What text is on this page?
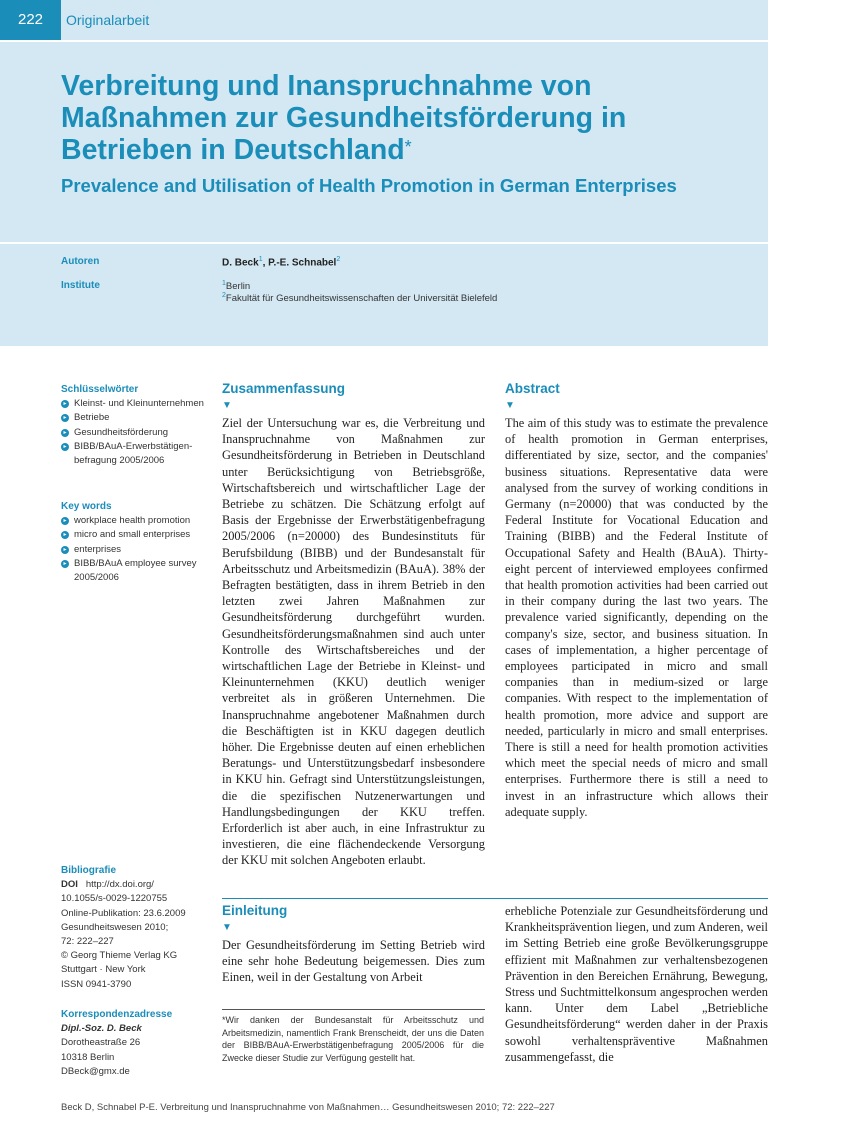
222	Originalarbeit
Verbreitung und Inanspruchnahme von Maßnahmen zur Gesundheitsförderung in Betrieben in Deutschland*
Prevalence and Utilisation of Health Promotion in German Enterprises
Autoren	D. Beck$^1$, P.-E. Schnabel$^2$
Institute	$^1$Berlin
$^2$Fakultät für Gesundheitswissenschaften der Universität Bielefeld
Schlüsselwörter
▸ Kleinst- und Kleinunternehmen
▸ Betriebe
▸ Gesundheitsförderung
▸ BIBB/BAuA-Erwerbstätigen-befragung 2005/2006
Key words
▸ workplace health promotion
▸ micro and small enterprises
▸ enterprises
▸ BIBB/BAuA employee survey 2005/2006
Zusammenfassung
▼
Ziel der Untersuchung war es, die Verbreitung und Inanspruchnahme von Maßnahmen zur Gesundheitsförderung in Betrieben in Deutschland unter Berücksichtigung von Betriebsgröße, Wirtschaftsbereich und wirtschaftlicher Lage der Betriebe zu schätzen. Die Schätzung erfolgt auf Basis der Ergebnisse der Erwerbstätigenbefragung 2005/2006 (n=20000) des Bundesinstituts für Berufsbildung (BIBB) und der Bundesanstalt für Arbeitsschutz und Arbeitsmedizin (BAuA). 38% der Befragten bestätigten, dass in ihrem Betrieb in den letzten zwei Jahren Maßnahmen zur Gesundheitsförderung durchgeführt wurden. Gesundheitsförderungsmaßnahmen sind auch unter Kontrolle des Wirtschaftsbereiches und der wirtschaftlichen Lage der Betriebe in Kleinst- und Kleinunternehmen (KKU) deutlich weniger verbreitet als in größeren Unternehmen. Die Inanspruchnahme angebotener Maßnahmen durch die Beschäftigten ist in KKU dagegen deutlich höher. Die Ergebnisse deuten auf einen erheblichen Beratungs- und Unterstützungsbedarf insbesondere in KKU hin. Gefragt sind Unterstützungsleistungen, die die spezifischen Nutzenerwartungen und Handlungsbedingungen der KKU treffen. Erforderlich ist aber auch, in eine Infrastruktur zu investieren, die eine flächendeckende Versorgung der KKU mit solchen Angeboten erlaubt.
Abstract
▼
The aim of this study was to estimate the prevalence of health promotion in German enterprises, differentiated by size, sector, and the companies' business situations. Representative data were analysed from the survey of working conditions in Germany (n=20000) that was conducted by the Federal Institute for Vocational Education and Training (BIBB) and the Federal Institute of Occupational Safety and Health (BAuA). Thirty-eight percent of interviewed employees confirmed that health promotion activities had been carried out in their company during the last two years. The prevalence varied significantly, depending on the company's size, sector, and business situation. In cases of implementation, a higher percentage of employees participated in micro and small companies than in medium-sized or large companies. With respect to the implementation of health promotion, more advice and support are needed, particularly in micro and small enterprises. There is still a need for health promotion activities which meet the special needs of micro and small enterprises. Furthermore there is still a need to invest in an infrastructure which allows their adequate supply.
Bibliografie
DOI http://dx.doi.org/
10.1055/s-0029-1220755
Online-Publikation: 23.6.2009
Gesundheitswesen 2010;
72: 222–227
© Georg Thieme Verlag KG
Stuttgart · New York
ISSN 0941-3790
Korrespondenzadresse
Dipl.-Soz. D. Beck
Dorotheastraße 26
10318 Berlin
DBeck@gmx.de
Einleitung
▼
Der Gesundheitsförderung im Setting Betrieb wird eine sehr hohe Bedeutung beigemessen. Dies zum Einen, weil in der Gestaltung von Arbeit
erhebliche Potenziale zur Gesundheitsförderung und Krankheitsprävention liegen, und zum Anderen, weil im Setting Betrieb eine große Bevölkerungsgruppe effizient mit Maßnahmen zur verhaltensbezogenen Prävention in den Bereichen Ernährung, Bewegung, Stress und Suchtmittelkonsum angesprochen werden kann. Unter dem Label „Betriebliche Gesundheitsförderung“ werden daher in der Praxis sowohl verhaltenspräventive Maßnahmen zusammengefasst, die
*Wir danken der Bundesanstalt für Arbeitsschutz und Arbeitsmedizin, namentlich Frank Brenscheidt, der uns die Daten der BIBB/BAuA-Erwerbstätigenbefragung 2005/2006 für die Zwecke dieser Studie zur Verfügung gestellt hat.
Beck D, Schnabel P-E. Verbreitung und Inanspruchnahme von Maßnahmen… Gesundheitswesen 2010; 72: 222–227
